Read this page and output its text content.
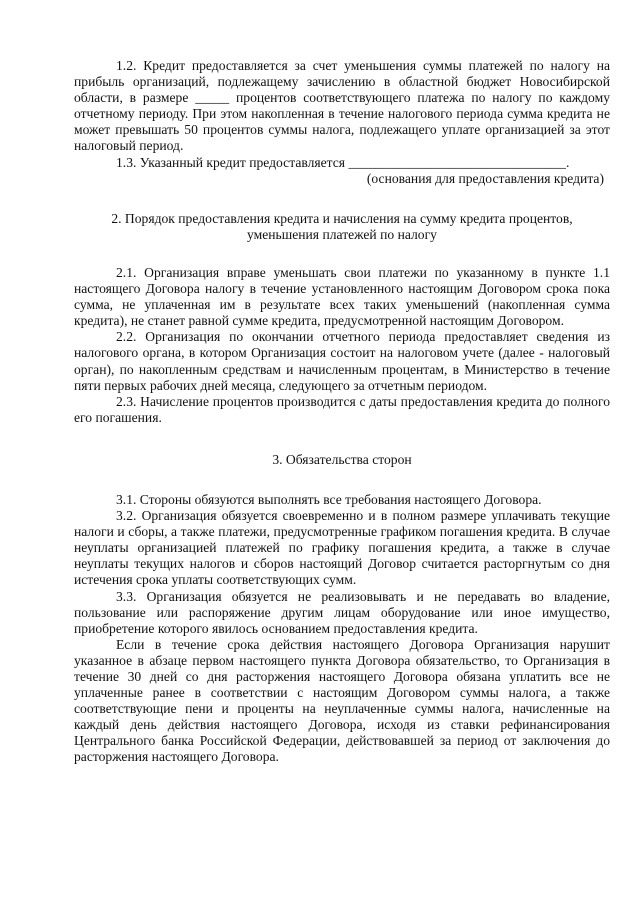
1.2. Кредит предоставляется за счет уменьшения суммы платежей по налогу на прибыль организаций, подлежащему зачислению в областной бюджет Новосибирской области, в размере _____ процентов соответствующего платежа по налогу по каждому отчетному периоду. При этом накопленная в течение налогового периода сумма кредита не может превышать 50 процентов суммы налога, подлежащего уплате организацией за этот налоговый период.

1.3. Указанный кредит предоставляется ________________________________.

(основания для предоставления кредита)

2. Порядок предоставления кредита и начисления на сумму кредита процентов,

уменьшения платежей по налогу

2.1. Организация вправе уменьшать свои платежи по указанному в пункте 1.1 настоящего Договора налогу в течение установленного настоящим Договором срока пока сумма, не уплаченная им в результате всех таких уменьшений (накопленная сумма кредита), не станет равной сумме кредита, предусмотренной настоящим Договором.

2.2. Организация по окончании отчетного периода предоставляет сведения из налогового органа, в котором Организация состоит на налоговом учете (далее - налоговый орган), по накопленным средствам и начисленным процентам, в Министерство в течение пяти первых рабочих дней месяца, следующего за отчетным периодом.

2.3. Начисление процентов производится с даты предоставления кредита до полного его погашения.

3. Обязательства сторон

3.1. Стороны обязуются выполнять все требования настоящего Договора.

3.2. Организация обязуется своевременно и в полном размере уплачивать текущие налоги и сборы, а также платежи, предусмотренные графиком погашения кредита. В случае неуплаты организацией платежей по графику погашения кредита, а также в случае неуплаты текущих налогов и сборов настоящий Договор считается расторгнутым со дня истечения срока уплаты соответствующих сумм.

3.3. Организация обязуется не реализовывать и не передавать во владение, пользование или распоряжение другим лицам оборудование или иное имущество, приобретение которого явилось основанием предоставления кредита.

Если в течение срока действия настоящего Договора Организация нарушит указанное в абзаце первом настоящего пункта Договора обязательство, то Организация в течение 30 дней со дня расторжения настоящего Договора обязана уплатить все не уплаченные ранее в соответствии с настоящим Договором суммы налога, а также соответствующие пени и проценты на неуплаченные суммы налога, начисленные на каждый день действия настоящего Договора, исходя из ставки рефинансирования Центрального банка Российской Федерации, действовавшей за период от заключения до расторжения настоящего Договора.
